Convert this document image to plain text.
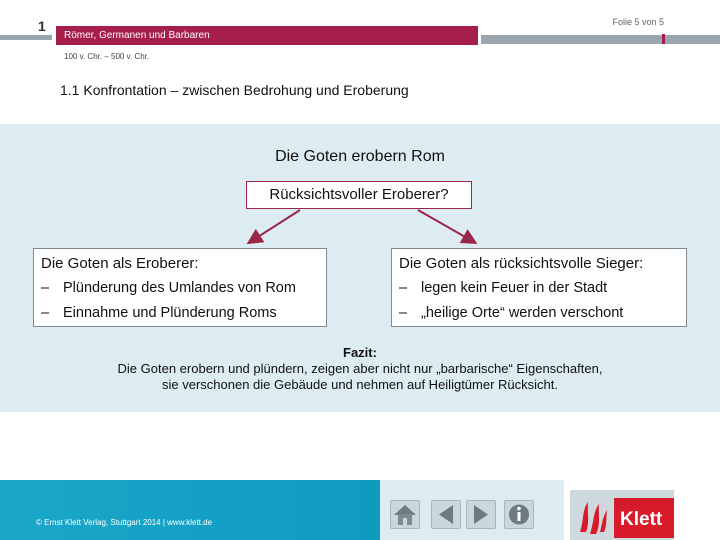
1	Folie 5 von 5
Römer, Germanen und Barbaren
100 v. Chr. – 500 v. Chr.
1.1 Konfrontation – zwischen Bedrohung und Eroberung
Die Goten erobern Rom
Rücksichtsvoller Eroberer?
Die Goten als Eroberer:
– Plünderung des Umlandes von Rom
– Einnahme und Plünderung Roms
Die Goten als rücksichtsvolle Sieger:
– legen kein Feuer in der Stadt
– „heilige Orte“ werden verschont
Fazit:
Die Goten erobern und plündern, zeigen aber nicht nur „barbarische“ Eigenschaften,
sie verschonen die Gebäude und nehmen auf Heiligtümer Rücksicht.
© Ernst Klett Verlag, Stuttgart 2014 | www.klett.de	Klett
